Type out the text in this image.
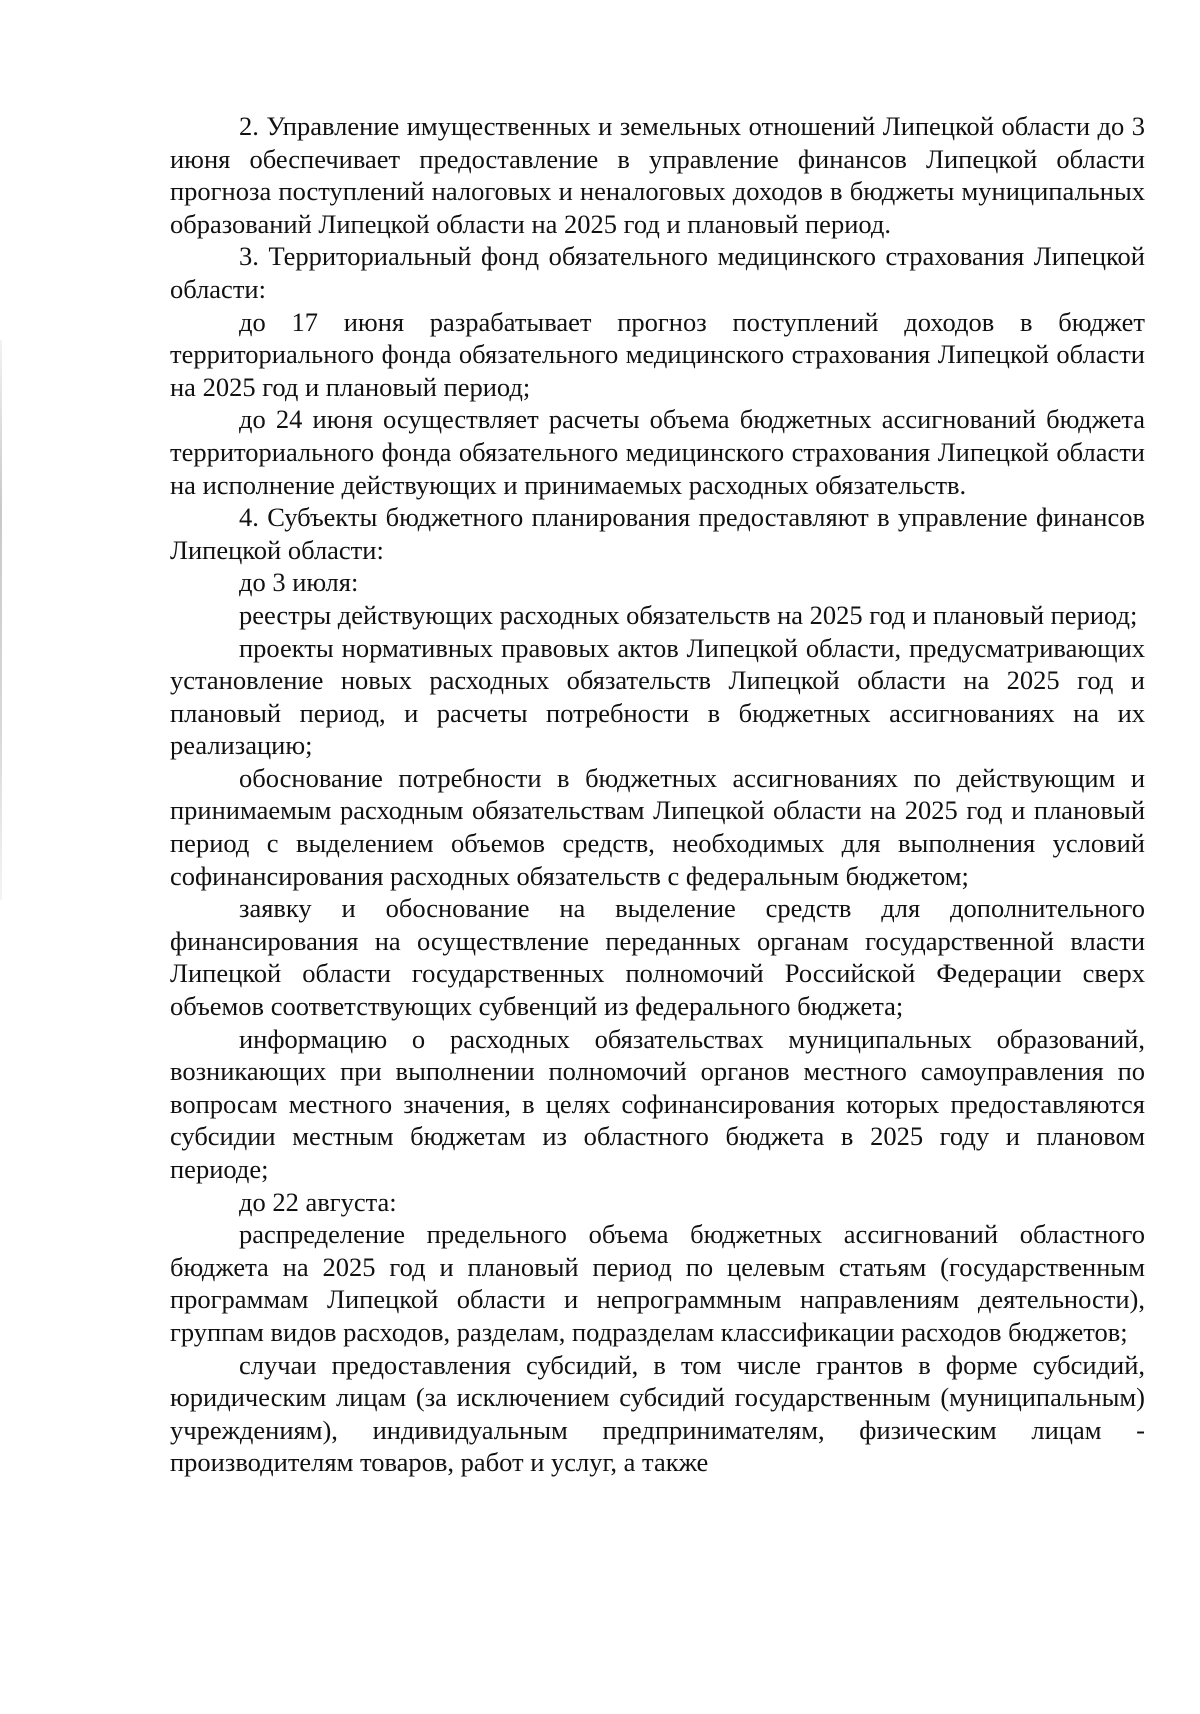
2. Управление имущественных и земельных отношений Липецкой области до 3 июня обеспечивает предоставление в управление финансов Липецкой области прогноза поступлений налоговых и неналоговых доходов в бюджеты муниципальных образований Липецкой области на 2025 год и плановый период.

3. Территориальный фонд обязательного медицинского страхования Липецкой области:

до 17 июня разрабатывает прогноз поступлений доходов в бюджет территориального фонда обязательного медицинского страхования Липецкой области на 2025 год и плановый период;

до 24 июня осуществляет расчеты объема бюджетных ассигнований бюджета территориального фонда обязательного медицинского страхования Липецкой области на исполнение действующих и принимаемых расходных обязательств.

4. Субъекты бюджетного планирования предоставляют в управление финансов Липецкой области:

до 3 июля:

реестры действующих расходных обязательств на 2025 год и плановый период;

проекты нормативных правовых актов Липецкой области, предусматривающих установление новых расходных обязательств Липецкой области на 2025 год и плановый период, и расчеты потребности в бюджетных ассигнованиях на их реализацию;

обоснование потребности в бюджетных ассигнованиях по действующим и принимаемым расходным обязательствам Липецкой области на 2025 год и плановый период с выделением объемов средств, необходимых для выполнения условий софинансирования расходных обязательств с федеральным бюджетом;

заявку и обоснование на выделение средств для дополнительного финансирования на осуществление переданных органам государственной власти Липецкой области государственных полномочий Российской Федерации сверх объемов соответствующих субвенций из федерального бюджета;

информацию о расходных обязательствах муниципальных образований, возникающих при выполнении полномочий органов местного самоуправления по вопросам местного значения, в целях софинансирования которых предоставляются субсидии местным бюджетам из областного бюджета в 2025 году и плановом периоде;

до 22 августа:

распределение предельного объема бюджетных ассигнований областного бюджета на 2025 год и плановый период по целевым статьям (государственным программам Липецкой области и непрограммным направлениям деятельности), группам видов расходов, разделам, подразделам классификации расходов бюджетов;

случаи предоставления субсидий, в том числе грантов в форме субсидий, юридическим лицам (за исключением субсидий государственным (муниципальным) учреждениям), индивидуальным предпринимателям, физическим лицам - производителям товаров, работ и услуг, а также
